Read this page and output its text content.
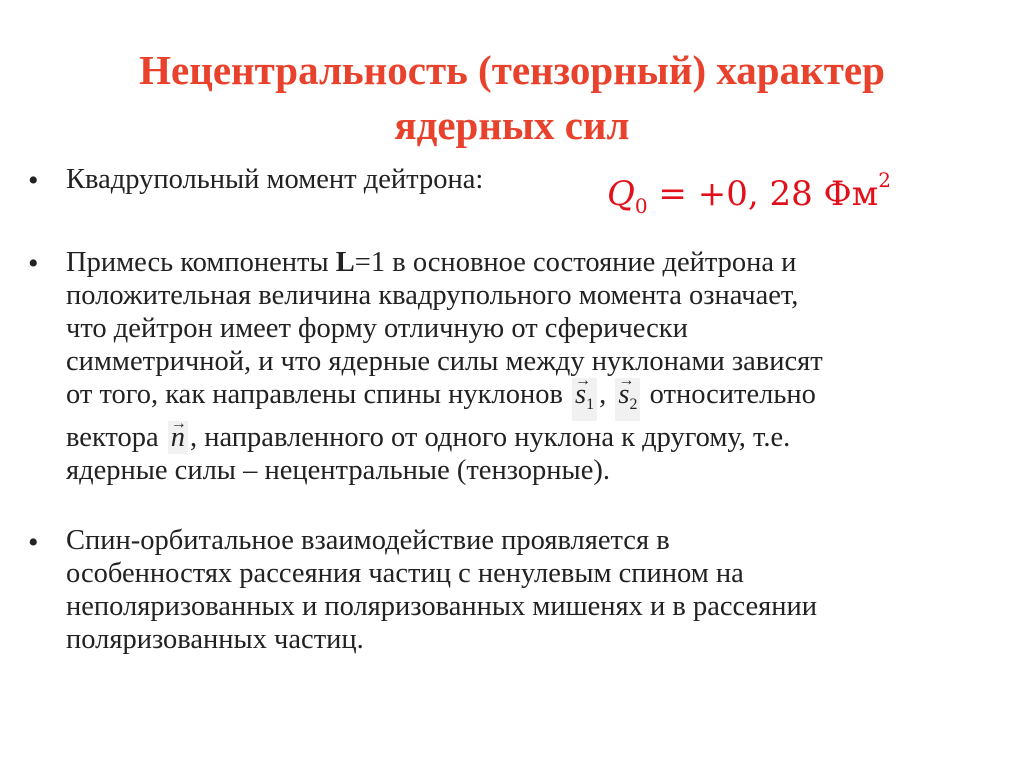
Нецентральность (тензорный) характер
ядерных сил
• Квадрупольный момент дейтрона:	$Q_0 = +0$, 28 $Фм^2$
• Примесь компоненты L=1 в основное состояние дейтрона и
положительная величина квадрупольного момента означает,
что дейтрон имеет форму отличную от сферически
симметричной, и что ядерные силы между нуклонами зависят
от того, как направлены спины нуклонов → $s_1$ , → $s_2$ относительно
вектора → n , направленного от одного нуклона к другому, т.е.
ядерные силы – нецентральные (тензорные).
• Спин-орбитальное взаимодействие проявляется в
особенностях рассеяния частиц с ненулевым спином на
неполяризованных и поляризованных мишенях и в рассеянии
поляризованных частиц.
